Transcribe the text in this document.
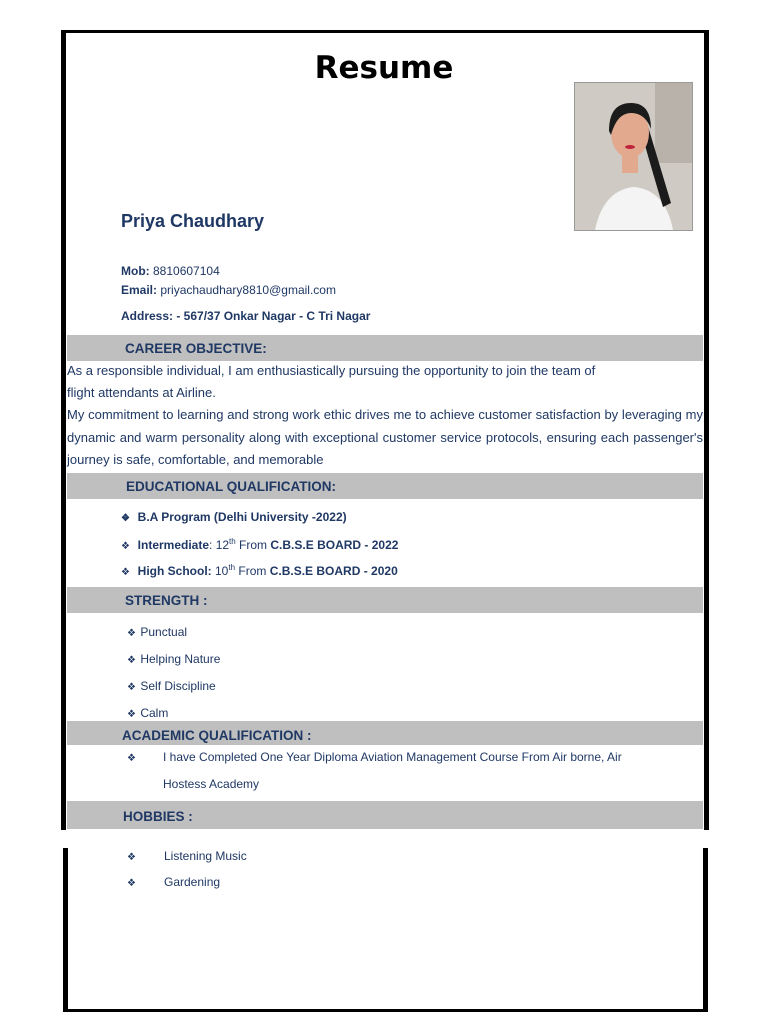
Resume
Priya Chaudhary
Mob: 8810607104
Email: priyachaudhary8810@gmail.com
Address: - 567/37 Onkar Nagar - C Tri Nagar
CAREER OBJECTIVE:
As a responsible individual, I am enthusiastically pursuing the opportunity to join the team of
flight attendants at Airline.
My commitment to learning and strong work ethic drives me to achieve customer satisfaction by leveraging my dynamic and warm personality along with exceptional customer service protocols, ensuring each passenger's journey is safe, comfortable, and memorable
EDUCATIONAL QUALIFICATION:
❖ B.A Program (Delhi University -2022)
❖ Intermediate: 12th From C.B.S.E BOARD - 2022
❖ High School: 10th From C.B.S.E BOARD - 2020
STRENGTH :
❖ Punctual
❖ Helping Nature
❖ Self Discipline
❖ Calm
ACADEMIC QUALIFICATION :
❖ I have Completed One Year Diploma Aviation Management Course From Air borne, Air
Hostess Academy
HOBBIES :
❖ Listening Music
❖ Gardening
